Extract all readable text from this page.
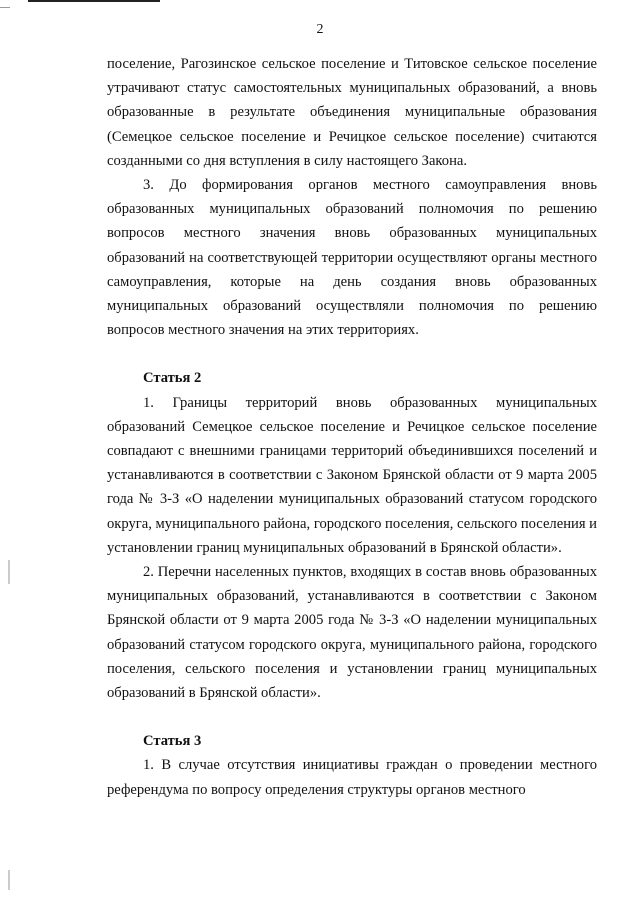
2

поселение, Рагозинское сельское поселение и Титовское сельское поселение утрачивают статус самостоятельных муниципальных образований, а вновь образованные в результате объединения муниципальные образования (Семецкое сельское поселение и Речицкое сельское поселение) считаются созданными со дня вступления в силу настоящего Закона.

3. До формирования органов местного самоуправления вновь образованных муниципальных образований полномочия по решению вопросов местного значения вновь образованных муниципальных образований на соответствующей территории осуществляют органы местного самоуправления, которые на день создания вновь образованных муниципальных образований осуществляли полномочия по решению вопросов местного значения на этих территориях.

Статья 2

1. Границы территорий вновь образованных муниципальных образований Семецкое сельское поселение и Речицкое сельское поселение совпадают с внешними границами территорий объединившихся поселений и устанавливаются в соответствии с Законом Брянской области от 9 марта 2005 года № 3-З «О наделении муниципальных образований статусом городского округа, муниципального района, городского поселения, сельского поселения и установлении границ муниципальных образований в Брянской области».

2. Перечни населенных пунктов, входящих в состав вновь образованных муниципальных образований, устанавливаются в соответствии с Законом Брянской области от 9 марта 2005 года № 3-З «О наделении муниципальных образований статусом городского округа, муниципального района, городского поселения, сельского поселения и установлении границ муниципальных образований в Брянской области».

Статья 3

1. В случае отсутствия инициативы граждан о проведении местного референдума по вопросу определения структуры органов местного
